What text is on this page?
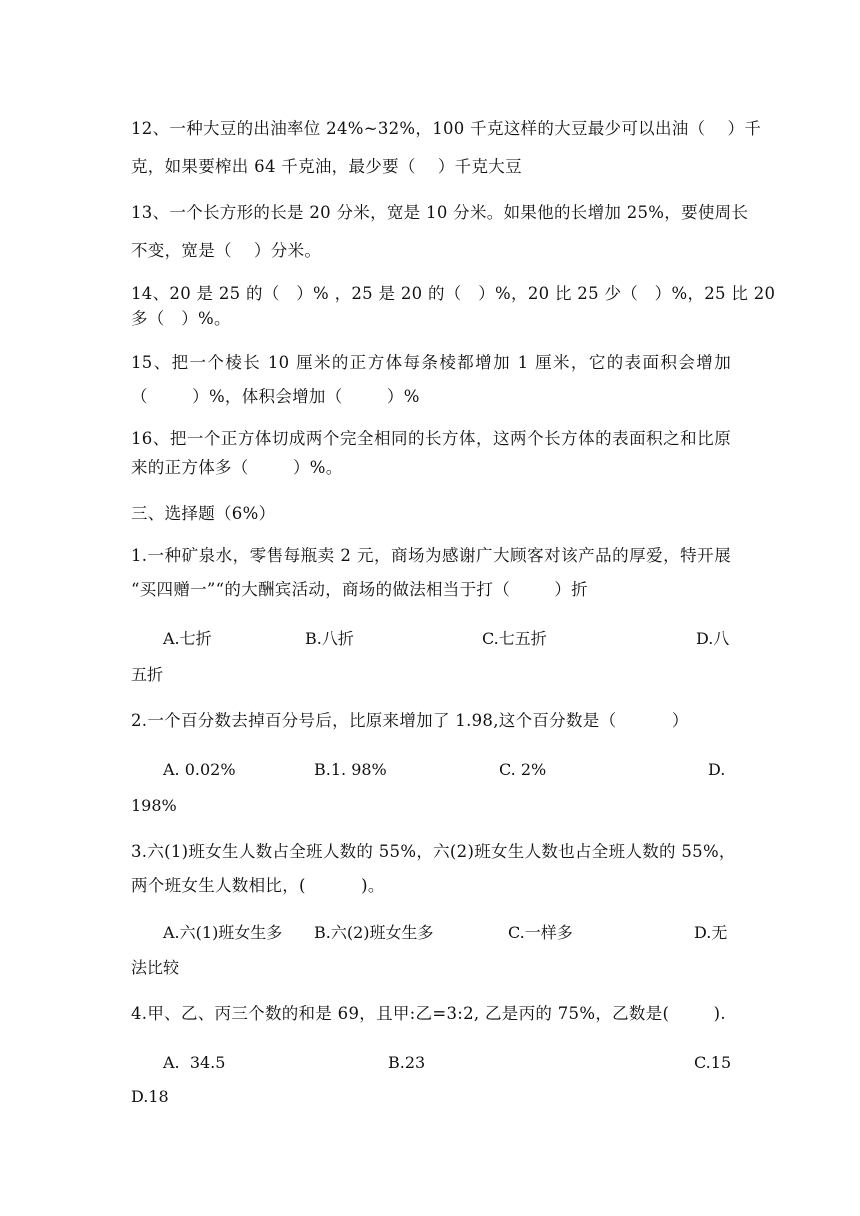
12、一种大豆的出油率位 24%~32%，100 千克这样的大豆最少可以出油（    ）千
克，如果要榨出 64 千克油，最少要（    ）千克大豆
13、一个长方形的长是 20 分米，宽是 10 分米。如果他的长增加 25%，要使周长
不变，宽是（    ）分米。
14、20 是 25 的（   ）% ，25 是 20 的（   ）%，20 比 25 少（   ）%，25 比 20
多（   ）%。
15、把一个棱长 10 厘米的正方体每条棱都增加 1 厘米，它的表面积会增加
（        ）%，体积会增加（        ）%
16、把一个正方体切成两个完全相同的长方体，这两个长方体的表面积之和比原
来的正方体多（        ）%。
三、选择题（6%）
1.一种矿泉水，零售每瓶卖 2 元，商场为感谢广大顾客对该产品的厚爱，特开展
“买四赠一”“的大酬宾活动，商场的做法相当于打（        ）折
A.七折	B.八折	C.七五折	D.八
五折
2.一个百分数去掉百分号后，比原来增加了 1.98,这个百分数是（          ）
A. 0.02%	B.1. 98%	C. 2%	D.
198%
3.六(1)班女生人数占全班人数的 55%，六(2)班女生人数也占全班人数的 55%，
两个班女生人数相比，(          )。
A.六(1)班女生多 B.六(2)班女生多	C.一样多	D.无
法比较
4.甲、乙、丙三个数的和是 69，且甲:乙=3:2, 乙是丙的 75%，乙数是(        ).
A.  34.5	B.23	C.15
D.18
